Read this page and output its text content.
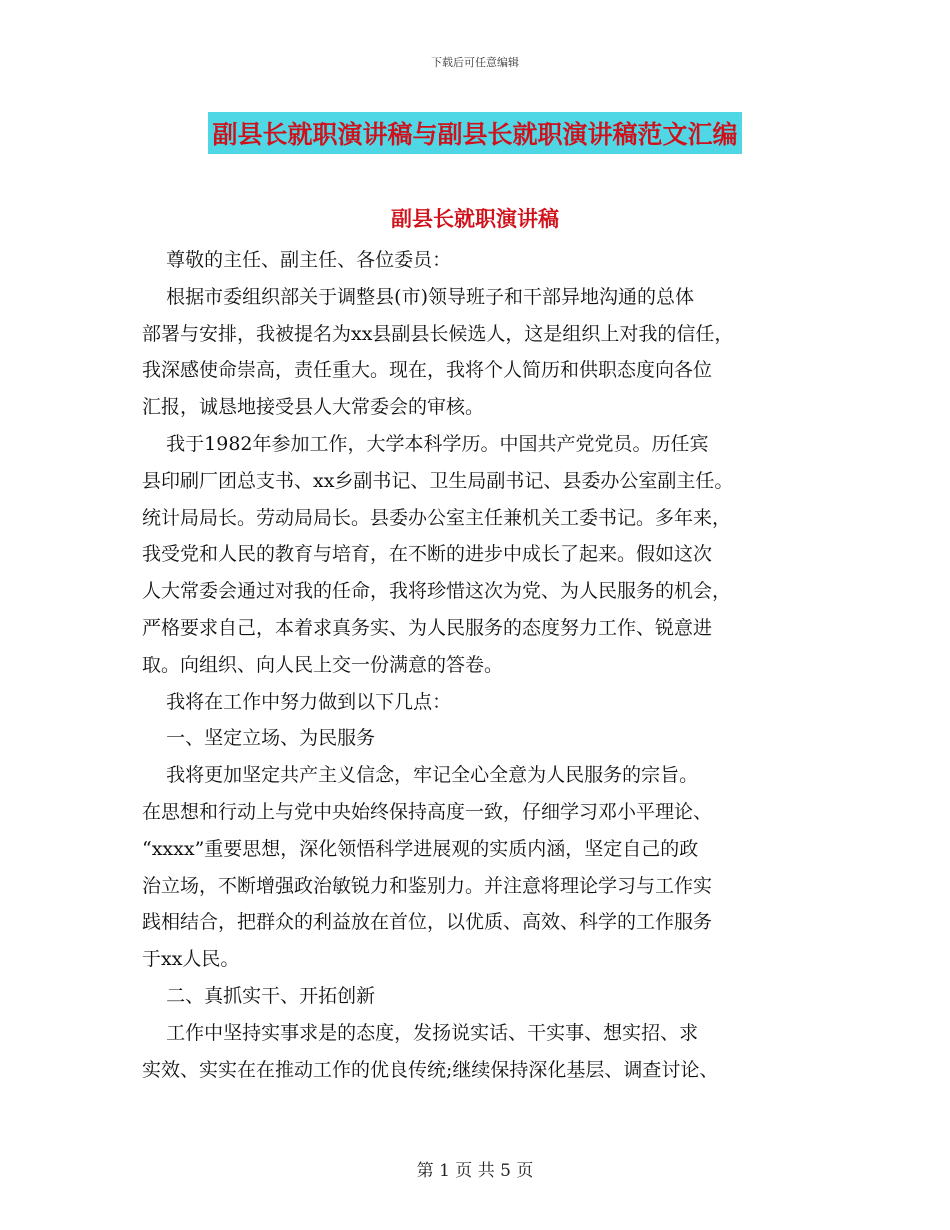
下载后可任意编辑
副县长就职演讲稿与副县长就职演讲稿范文汇编
副县长就职演讲稿

尊敬的主任、副主任、各位委员：

根据市委组织部关于调整县(市)领导班子和干部异地沟通的总体

部署与安排，我被提名为xx县副县长候选人，这是组织上对我的信任，

我深感使命崇高，责任重大。现在，我将个人简历和供职态度向各位

汇报，诚恳地接受县人大常委会的审核。

我于1982年参加工作，大学本科学历。中国共产党党员。历任宾

县印刷厂团总支书、xx乡副书记、卫生局副书记、县委办公室副主任。

统计局局长。劳动局局长。县委办公室主任兼机关工委书记。多年来，

我受党和人民的教育与培育，在不断的进步中成长了起来。假如这次

人大常委会通过对我的任命，我将珍惜这次为党、为人民服务的机会，

严格要求自己，本着求真务实、为人民服务的态度努力工作、锐意进

取。向组织、向人民上交一份满意的答卷。

我将在工作中努力做到以下几点：

一、坚定立场、为民服务

我将更加坚定共产主义信念，牢记全心全意为人民服务的宗旨。

在思想和行动上与党中央始终保持高度一致，仔细学习邓小平理论、

“xxxx”重要思想，深化领悟科学进展观的实质内涵，坚定自己的政

治立场，不断增强政治敏锐力和鉴别力。并注意将理论学习与工作实

践相结合，把群众的利益放在首位，以优质、高效、科学的工作服务

于xx人民。

二、真抓实干、开拓创新

工作中坚持实事求是的态度，发扬说实话、干实事、想实招、求

实效、实实在在推动工作的优良传统;继续保持深化基层、调查讨论、

第 1 页 共 5 页
